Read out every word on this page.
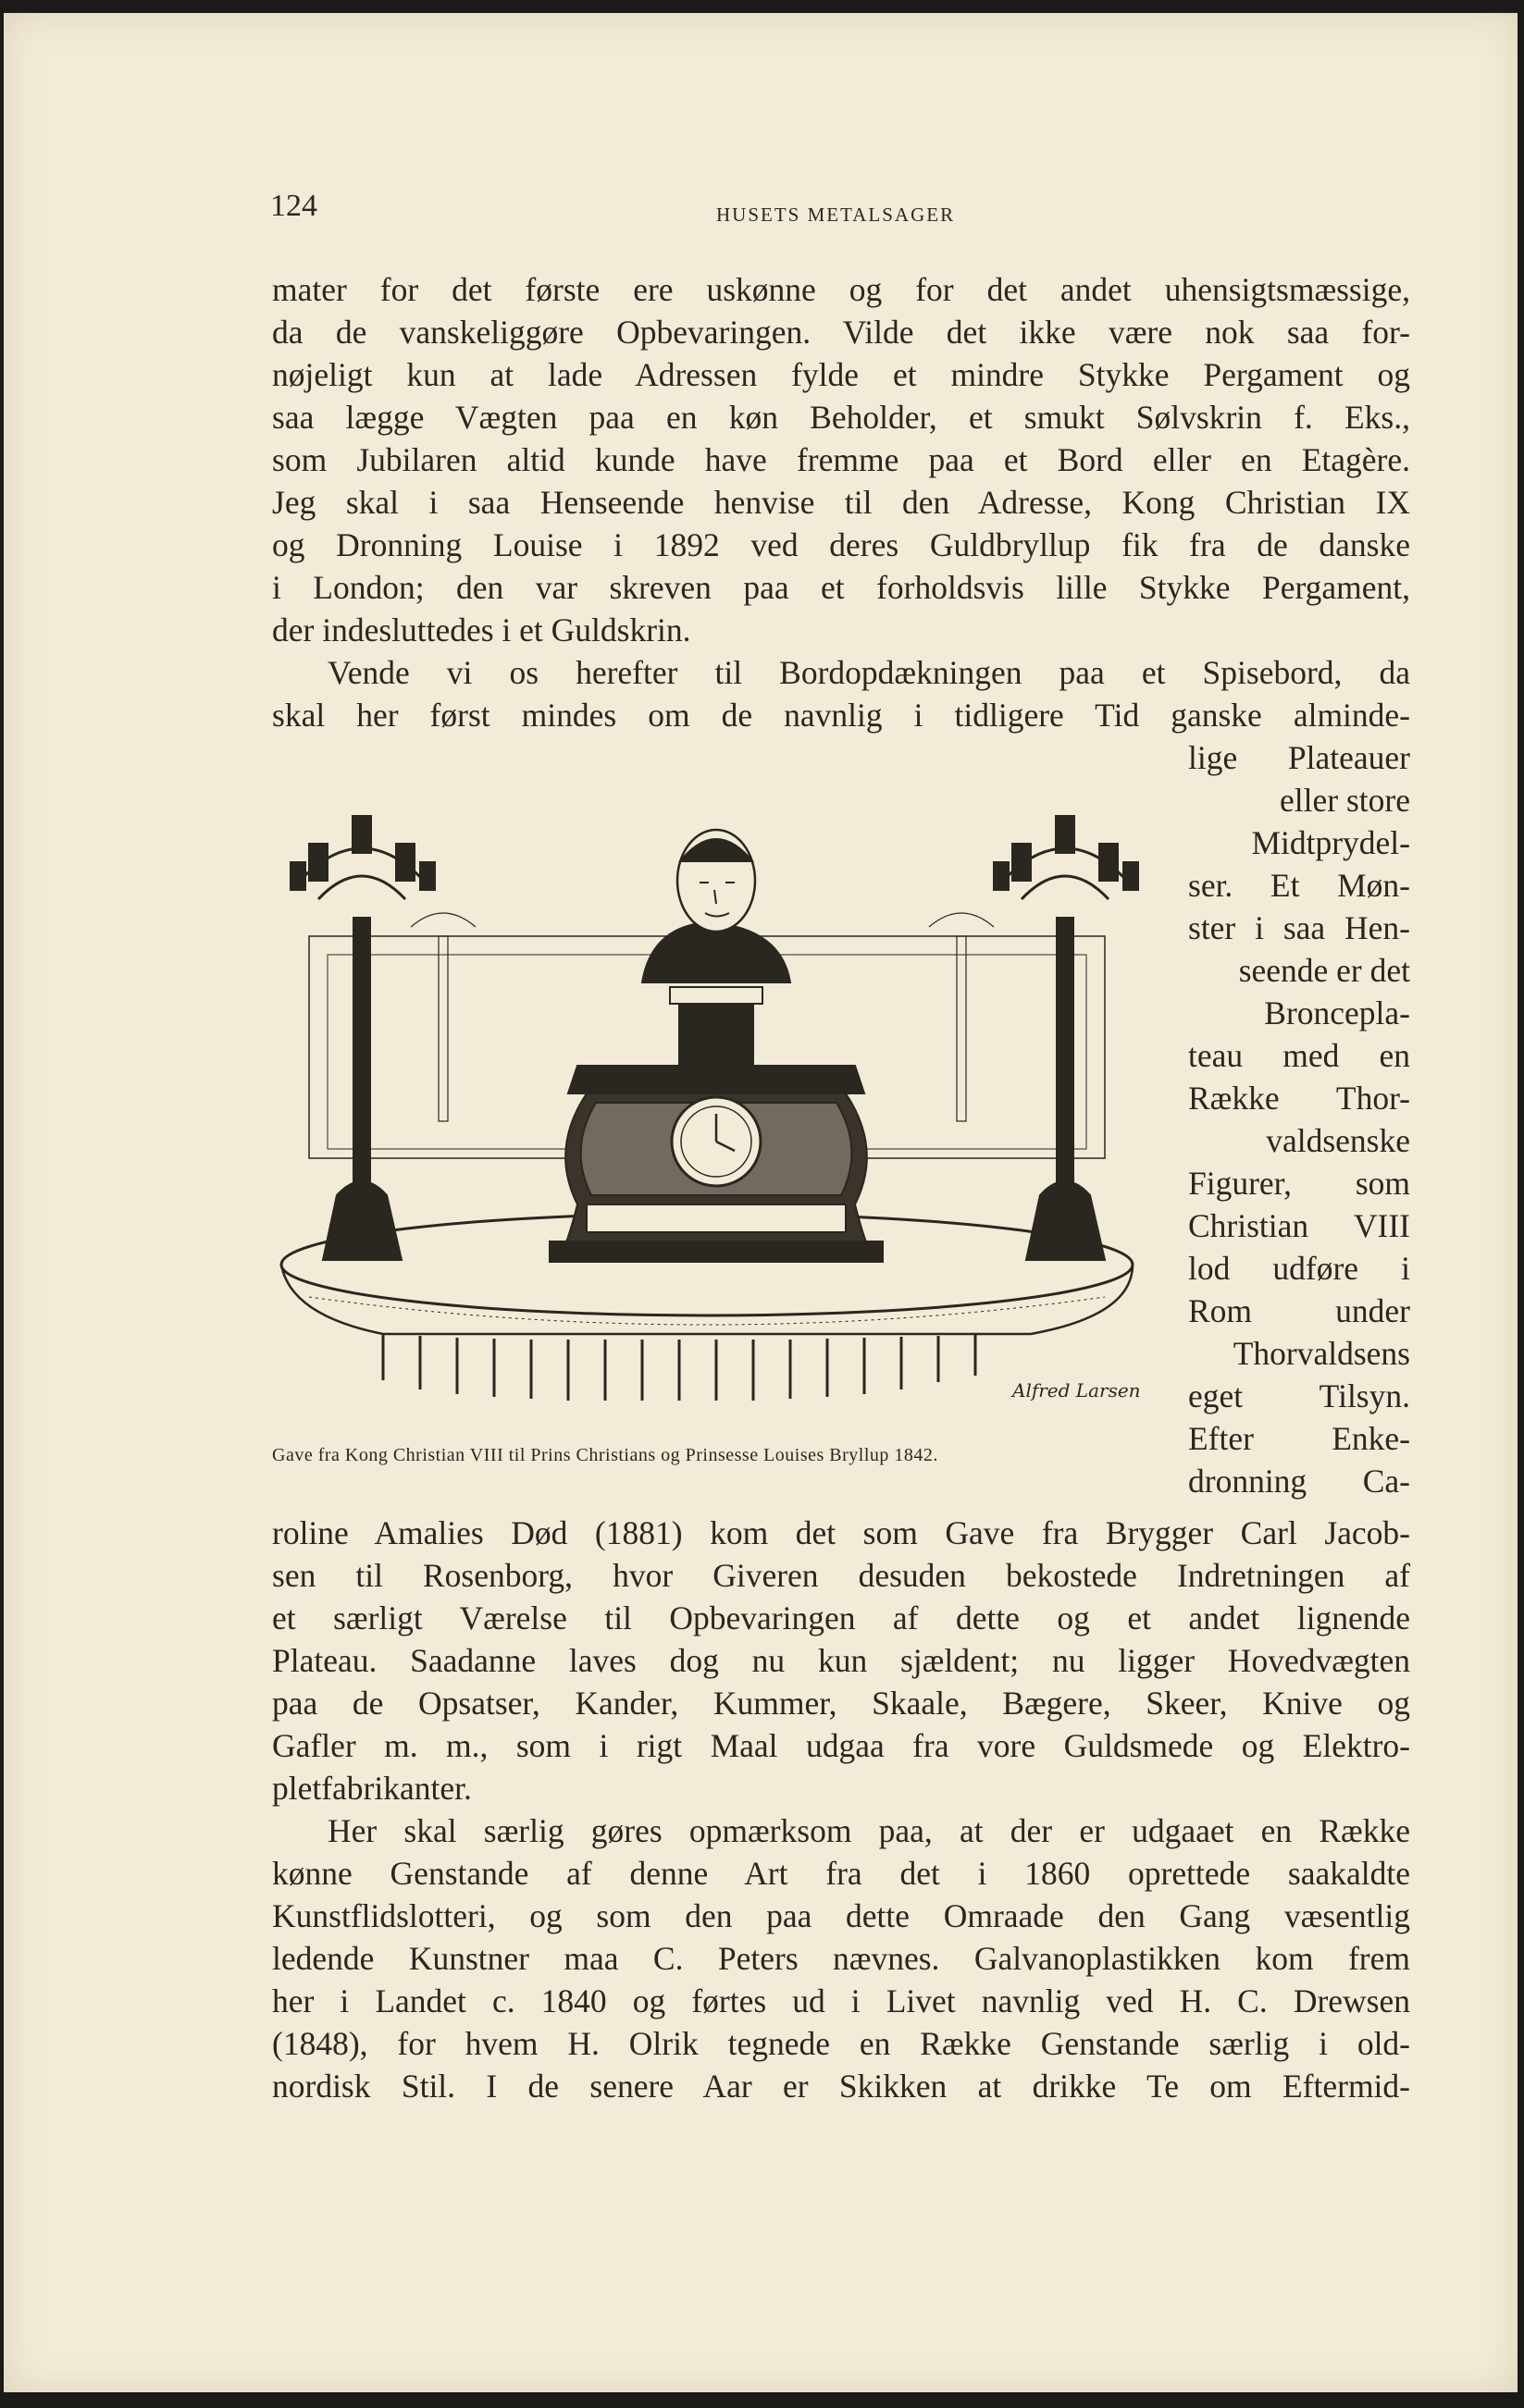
124	HUSETS METALSAGER
mater for det første ere uskønne og for det andet uhensigtsmæssige,
da de vanskeliggøre Opbevaringen. Vilde det ikke være nok saa for-
nøjeligt kun at lade Adressen fylde et mindre Stykke Pergament og
saa lægge Vægten paa en køn Beholder, et smukt Sølvskrin f. Eks.,
som Jubilaren altid kunde have fremme paa et Bord eller en Etagère.
Jeg skal i saa Henseende henvise til den Adresse, Kong Christian IX
og Dronning Louise i 1892 ved deres Guldbryllup fik fra de danske
i London; den var skreven paa et forholdsvis lille Stykke Pergament,
der indesluttedes i et Guldskrin.
Vende vi os herefter til Bordopdækningen paa et Spisebord, da
skal her først mindes om de navnlig i tidligere Tid ganske alminde-
lige Plateauer
eller store
Midtprydel-
ser. Et Møn-
ster i saa Hen-
seende er det
Broncepla-
teau med en
Række Thor-
valdsenske
Figurer, som
Christian VIII
lod udføre i
Rom under
Thorvaldsens
eget Tilsyn.
Efter Enke-
dronning Ca-
Alfred Larsen
Gave fra Kong Christian VIII til Prins Christians og Prinsesse Louises Bryllup 1842.
roline Amalies Død (1881) kom det som Gave fra Brygger Carl Jacob-
sen til Rosenborg, hvor Giveren desuden bekostede Indretningen af
et særligt Værelse til Opbevaringen af dette og et andet lignende
Plateau. Saadanne laves dog nu kun sjældent; nu ligger Hovedvægten
paa de Opsatser, Kander, Kummer, Skaale, Bægere, Skeer, Knive og
Gafler m. m., som i rigt Maal udgaa fra vore Guldsmede og Elektro-
pletfabrikanter.
Her skal særlig gøres opmærksom paa, at der er udgaaet en Række
kønne Genstande af denne Art fra det i 1860 oprettede saakaldte
Kunstflidslotteri, og som den paa dette Omraade den Gang væsentlig
ledende Kunstner maa C. Peters nævnes. Galvanoplastikken kom frem
her i Landet c. 1840 og førtes ud i Livet navnlig ved H. C. Drewsen
(1848), for hvem H. Olrik tegnede en Række Genstande særlig i old-
nordisk Stil. I de senere Aar er Skikken at drikke Te om Eftermid-
